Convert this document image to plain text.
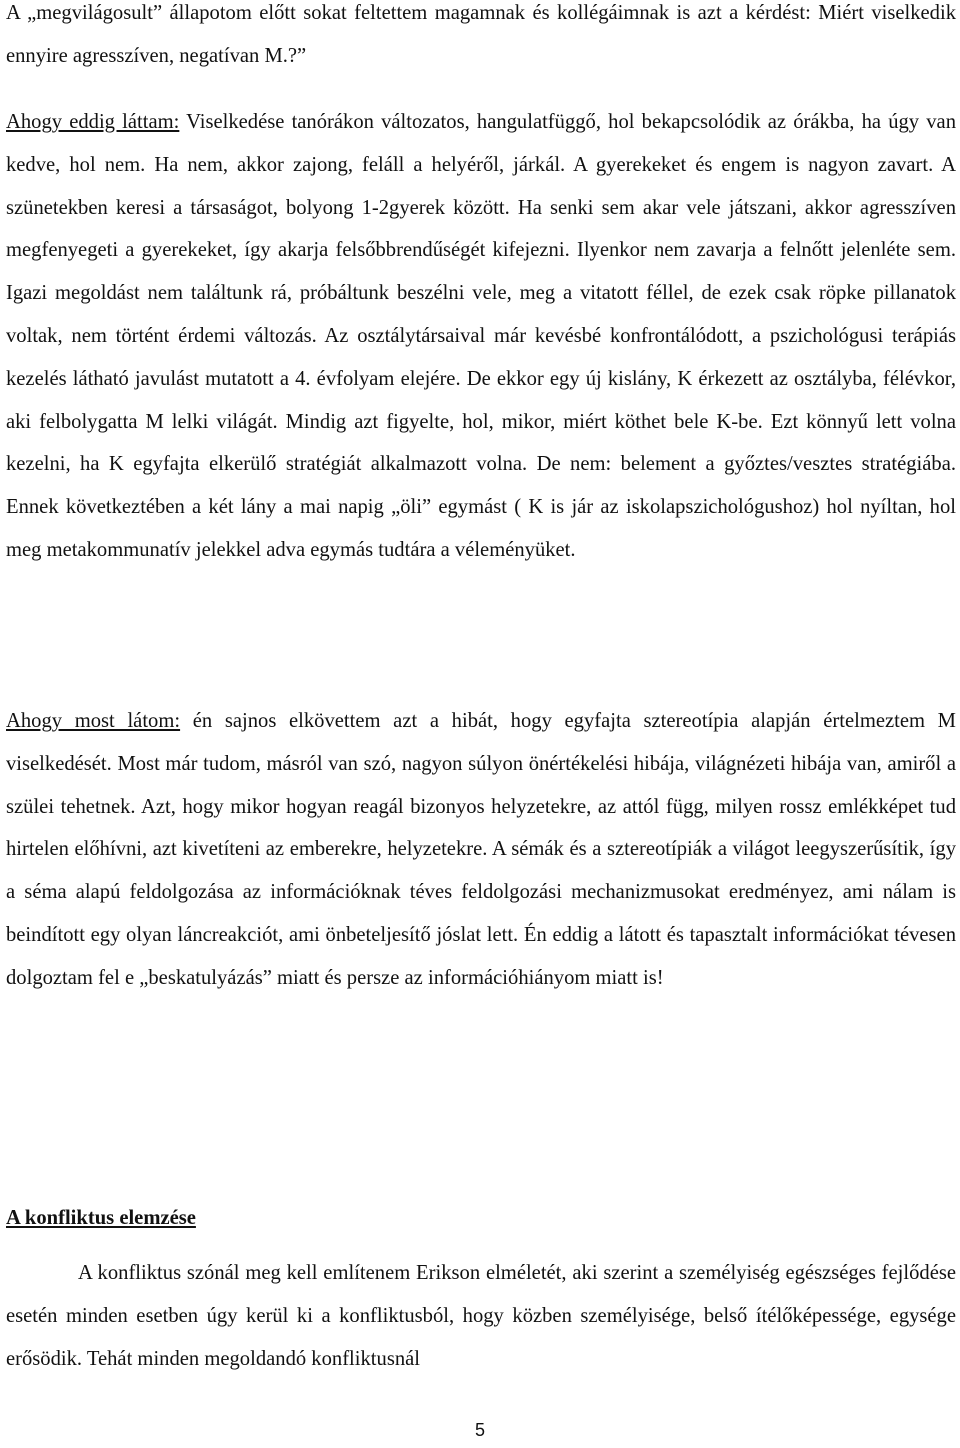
A „megvilágosult” állapotom előtt sokat feltettem magamnak és kollégáimnak is azt a kérdést: Miért viselkedik ennyire agresszíven, negatívan M.?”

Ahogy eddig láttam: Viselkedése tanórákon változatos, hangulatfüggő, hol bekapcsolódik az órákba, ha úgy van kedve, hol nem. Ha nem, akkor zajong, feláll a helyéről, járkál. A gyerekeket és engem is nagyon zavart. A szünetekben keresi a társaságot, bolyong 1-2gyerek között. Ha senki sem akar vele játszani, akkor agresszíven megfenyegeti a gyerekeket, így akarja felsőbbrendűségét kifejezni. Ilyenkor nem zavarja a felnőtt jelenléte sem. Igazi megoldást nem találtunk rá, próbáltunk beszélni vele, meg a vitatott féllel, de ezek csak röpke pillanatok voltak, nem történt érdemi változás. Az osztálytársaival már kevésbé konfrontálódott, a pszichológusi terápiás kezelés látható javulást mutatott a 4. évfolyam elejére. De ekkor egy új kislány, K érkezett az osztályba, félévkor, aki felbolygatta M lelki világát. Mindig azt figyelte, hol, mikor, miért köthet bele K-be. Ezt könnyű lett volna kezelni, ha K egyfajta elkerülő stratégiát alkalmazott volna. De nem: belement a győztes/vesztes stratégiába. Ennek következtében a két lány a mai napig „öli” egymást ( K is jár az iskolapszichológushoz) hol nyíltan, hol meg metakommunatív jelekkel adva egymás tudtára a véleményüket.

Ahogy most látom: én sajnos elkövettem azt a hibát, hogy egyfajta sztereotípia alapján értelmeztem M viselkedését. Most már tudom, másról van szó, nagyon súlyon önértékelési hibája, világnézeti hibája van, amiről a szülei tehetnek. Azt, hogy mikor hogyan reagál bizonyos helyzetekre, az attól függ, milyen rossz emlékképet tud hirtelen előhívni, azt kivetíteni az emberekre, helyzetekre. A sémák és a sztereotípiák a világot leegyszerűsítik, így a séma alapú feldolgozása az információknak téves feldolgozási mechanizmusokat eredményez, ami nálam is beindított egy olyan láncreakciót, ami önbeteljesítő jóslat lett. Én eddig a látott és tapasztalt információkat tévesen dolgoztam fel e „beskatulyázás” miatt és persze az információhiányom miatt is!

A konfliktus elemzése

A konfliktus szónál meg kell említenem Erikson elméletét, aki szerint a személyiség egészséges fejlődése esetén minden esetben úgy kerül ki a konfliktusból, hogy közben személyisége, belső ítélőképessége, egysége erősödik. Tehát minden megoldandó konfliktusnál

5
